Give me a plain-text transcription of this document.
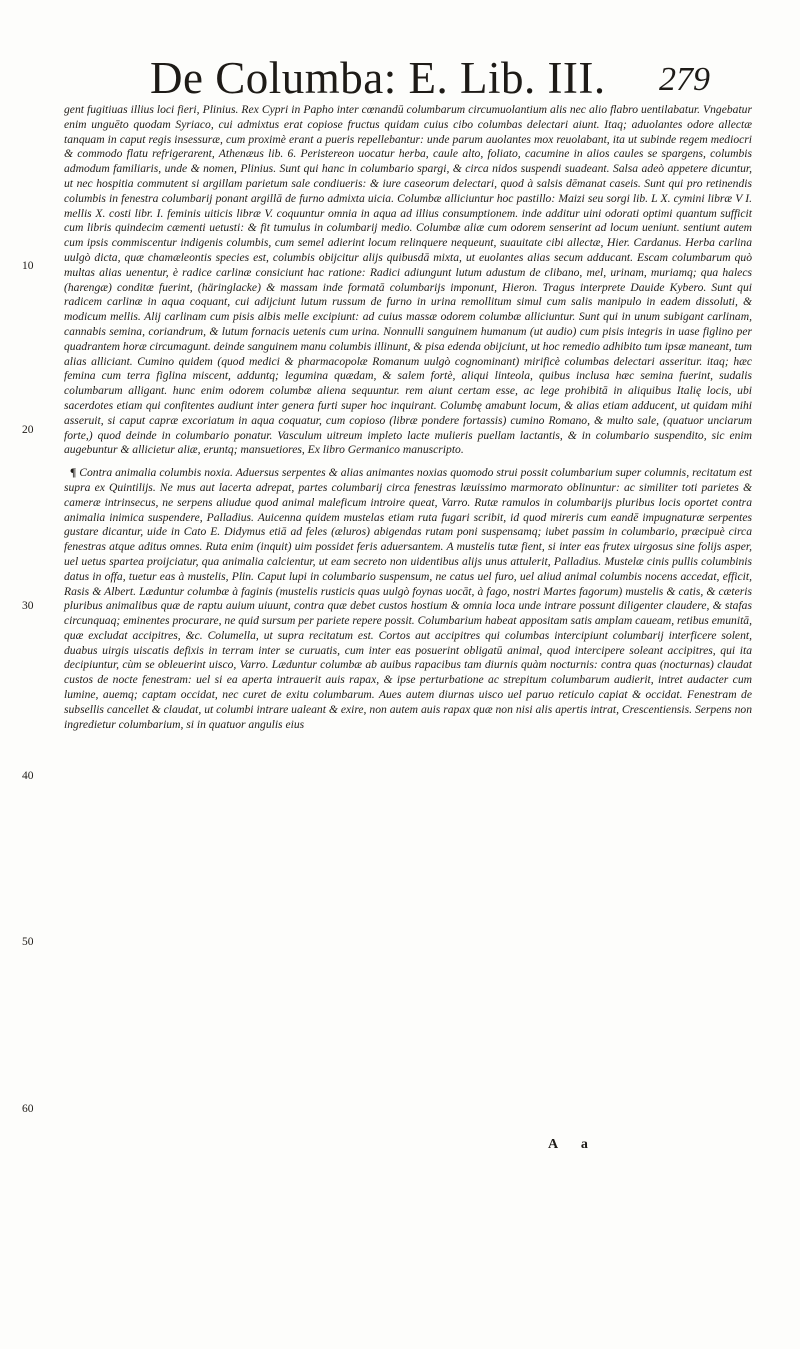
De Columba: E. Lib. III. 279
10
20
30
40
50
60

gent fugitiuas illius loci fieri, Plinius. Rex Cypri in Papho inter cœnandū columbarum circumuolantium alis nec alio flabro uentilabatur. Vngebatur enim unguēto quodam Syriaco, cui admixtus erat copiose fructus quidam cuius cibo columbas delectari aiunt. Itaq; aduolantes odore allectæ tanquam in caput regis insessuræ, cum proximè erant a pueris repellebantur: unde parum auolantes mox reuolabant, ita ut subinde regem mediocri & commodo flatu refrigerarent, Athenæus lib. 6. Peristereon uocatur herba, caule alto, foliato, cacumine in alios caules se spargens, columbis admodum familiaris, unde & nomen, Plinius. Sunt qui hanc in columbario spargi, & circa nidos suspendi suadeant. Salsa adeò appetere dicuntur, ut nec hospitia commutent si argillam parietum sale condiueris: & iure caseorum delectari, quod à salsis dēmanat caseis. Sunt qui pro retinendis columbis in fenestra columbarij ponant argillā de furno admixta uicia. Columbæ alliciuntur hoc pastillo: Maizi seu sorgi lib. L X. cymini libræ V I. mellis X. costi libr. I. feminis uiticis libræ V. coquuntur omnia in aqua ad illius consumptionem. inde additur uini odorati optimi quantum sufficit cum libris quindecim cæmenti uetusti: & fit tumulus in columbarij medio. Columbæ aliæ cum odorem senserint ad locum ueniunt. sentiunt autem cum ipsis commiscentur indigenis columbis, cum semel adierint locum relinquere nequeunt, suauitate cibi allectæ, Hier. Cardanus. Herba carlina uulgò dicta, quæ chamæleontis species est, columbis obijcitur alijs quibusdā mixta, ut euolantes alias secum adducant. Escam columbarum quò multas alias uenentur, è radice carlinæ consiciunt hac ratione: Radici adiungunt lutum adustum de clibano, mel, urinam, muriamq; qua halecs (harengæ) conditæ fuerint, (häringlacke) & massam inde formatā columbarijs imponunt, Hieron. Tragus interprete Dauide Kybero. Sunt qui radicem carlinæ in aqua coquant, cui adijciunt lutum russum de furno in urina remollitum simul cum salis manipulo in eadem dissoluti, & modicum mellis. Alij carlinam cum pisis albis melle excipiunt: ad cuius massæ odorem columbæ alliciuntur. Sunt qui in unum subigant carlinam, cannabis semina, coriandrum, & lutum fornacis uetenis cum urina. Nonnulli sanguinem humanum (ut audio) cum pisis integris in uase figlino per quadrantem horæ circumagunt. deinde sanguinem manu columbis illinunt, & pisa edenda obijciunt, ut hoc remedio adhibito tum ipsæ maneant, tum alias alliciant. Cumino quidem (quod medici & pharmacopolæ Romanum uulgò cognominant) mirificè columbas delectari asseritur. itaq; hæc femina cum terra figlina miscent, adduntq; legumina quædam, & salem fortè, aliqui linteola, quibus inclusa hæc semina fuerint, sudalis columbarum alligant. hunc enim odorem columbæ aliena sequuntur. rem aiunt certam esse, ac lege prohibitā in aliquibus Italię locis, ubi sacerdotes etiam qui confitentes audiunt inter genera furti super hoc inquirant. Columbę amabunt locum, & alias etiam adducent, ut quidam mihi asseruit, si caput capræ excoriatum in aqua coquatur, cum copioso (libræ pondere fortassis) cumino Romano, & multo sale, (quatuor unciarum forte,) quod deinde in columbario ponatur. Vasculum uitreum impleto lacte mulieris puellam lactantis, & in columbario suspendito, sic enim augebuntur & allicietur aliæ, eruntq; mansuetiores, Ex libro Germanico manuscripto.

¶ Contra animalia columbis noxia. Aduersus serpentes & alias animantes noxias quomodo strui possit columbarium super columnis, recitatum est supra ex Quintilijs. Ne mus aut lacerta adrepat, partes columbarij circa fenestras læuissimo marmorato oblinuntur: ac similiter toti parietes & cameræ intrinsecus, ne serpens aliudue quod animal maleficum introire queat, Varro. Rutæ ramulos in columbarijs pluribus locis oportet contra animalia inimica suspendere, Palladius. Auicenna quidem mustelas etiam ruta fugari scribit, id quod mireris cum eandē impugnaturæ serpentes gustare dicantur, uide in Cato E. Didymus etiā ad feles (æluros) abigendas rutam poni suspensamq; iubet passim in columbario, præcipuè circa fenestras atque aditus omnes. Ruta enim (inquit) uim possidet feris aduersantem. A mustelis tutæ fient, si inter eas frutex uirgosus sine folijs asper, uel uetus spartea proijciatur, qua animalia calcientur, ut eam secreto non uidentibus alijs unus attulerit, Palladius. Mustelæ cinis pullis columbinis datus in offa, tuetur eas à mustelis, Plin. Caput lupi in columbario suspensum, ne catus uel furo, uel aliud animal columbis nocens accedat, efficit, Rasis & Albert. Læduntur columbæ à faginis (mustelis rusticis quas uulgò foynas uocāt, à fago, nostri Martes fagorum) mustelis & catis, & cæteris pluribus animalibus quæ de raptu auium uiuunt, contra quæ debet custos hostium & omnia loca unde intrare possunt diligenter claudere, & stafas circunquaq; eminentes procurare, ne quid sursum per pariete repere possit. Columbarium habeat appositam satis amplam caueam, retibus emunitā, quæ excludat accipitres, &c. Columella, ut supra recitatum est. Cortos aut accipitres qui columbas intercipiunt columbarij interficere solent, duabus uirgis uiscatis defixis in terram inter se curuatis, cum inter eas posuerint obligatū animal, quod intercipere soleant accipitres, qui ita decipiuntur, cùm se obleuerint uisco, Varro. Læduntur columbæ ab auibus rapacibus tam diurnis quàm nocturnis: contra quas (nocturnas) claudat custos de nocte fenestram: uel si ea aperta intrauerit auis rapax, & ipse perturbatione ac strepitum columbarum audierit, intret audacter cum lumine, auemq; captam occidat, nec curet de exitu columbarum. Aues autem diurnas uisco uel paruo reticulo capiat & occidat. Fenestram de subsellis cancellet & claudat, ut columbi intrare ualeant & exire, non autem auis rapax quæ non nisi alis apertis intrat, Crescentiensis. Serpens non ingredietur columbarium, si in quatuor angulis eius

A a
